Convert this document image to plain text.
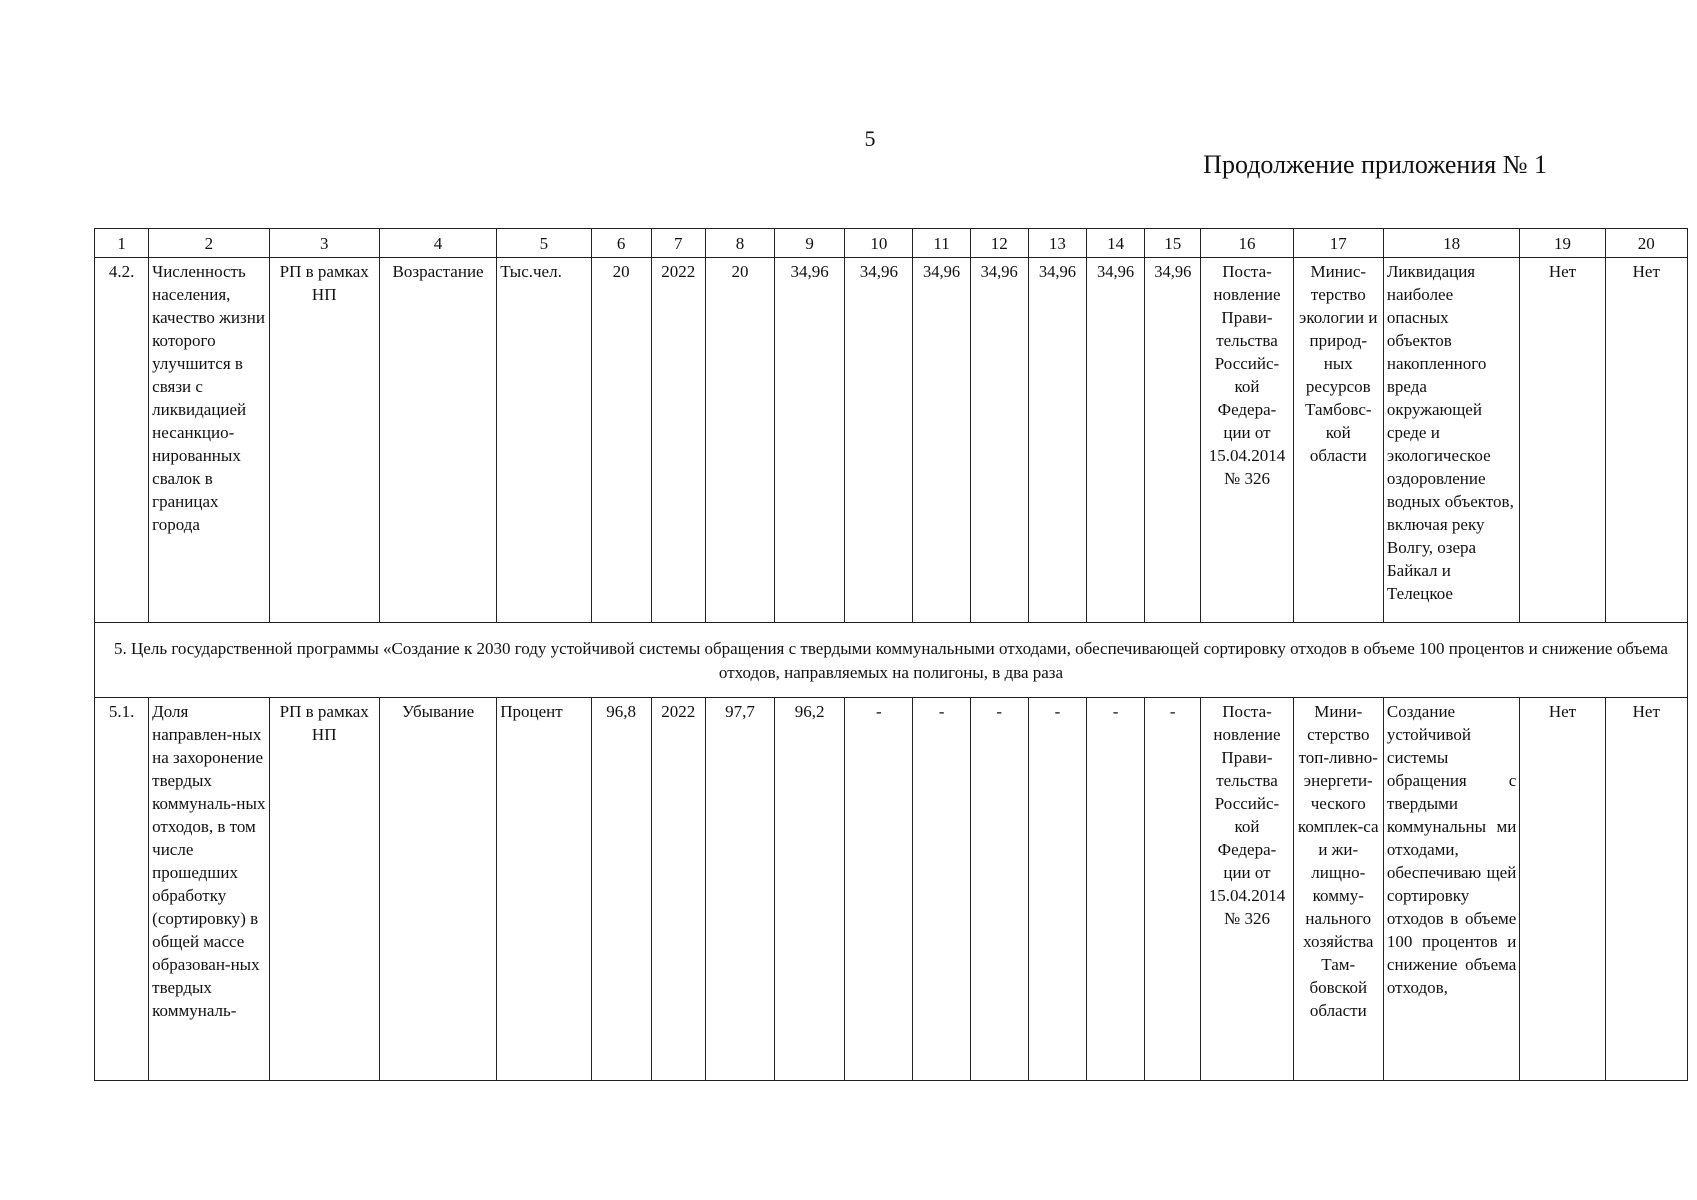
5
Продолжение приложения № 1
1	2	3	4	5	6	7	8	9	10	11	12	13	14	15	16	17	18	19	20
4.2.	Численность населения, качество жизни которого улучшится в связи с ликвидацией несанкцио-нированных свалок в границах города	РП в рамках НП	Возрастание	Тыс.чел.	20	2022	20	34,96	34,96	34,96	34,96	34,96	34,96	34,96	Поста-новление Прави-тельства Российс-кой Федера-ции от 15.04.2014 № 326	Минис-терство экологии и природ-ных ресурсов Тамбовс-кой области	Ликвидация наиболее опасных объектов накопленного вреда окружающей среде и экологическое оздоровление водных объектов, включая реку Волгу, озера Байкал и Телецкое	Нет	Нет
5. Цель государственной программы «Создание к 2030 году устойчивой системы обращения с твердыми коммунальными отходами, обеспечивающей сортировку отходов в объеме 100 процентов и снижение объема отходов, направляемых на полигоны, в два раза																			
5.1.	Доля направлен-ных на захоронение твердых коммуналь-ных отходов, в том числе прошедших обработку (сортировку) в общей массе образован-ных твердых коммуналь-	РП в рамках НП	Убывание	Процент	96,8	2022	97,7	96,2	-	-	-	-	-	-	Поста-новление Прави-тельства Российс-кой Федера-ции от 15.04.2014 № 326	Мини-стерство топ-ливно-энергети-ческого комплек-са и жи-лищно-комму-нального хозяйства Там-бовской области	Создание устойчивой системы обращения с твердыми коммунальны ми отходами, обеспечиваю щей сортировку отходов в объеме 100 процентов и снижение объема отходов,	Нет	Нет
